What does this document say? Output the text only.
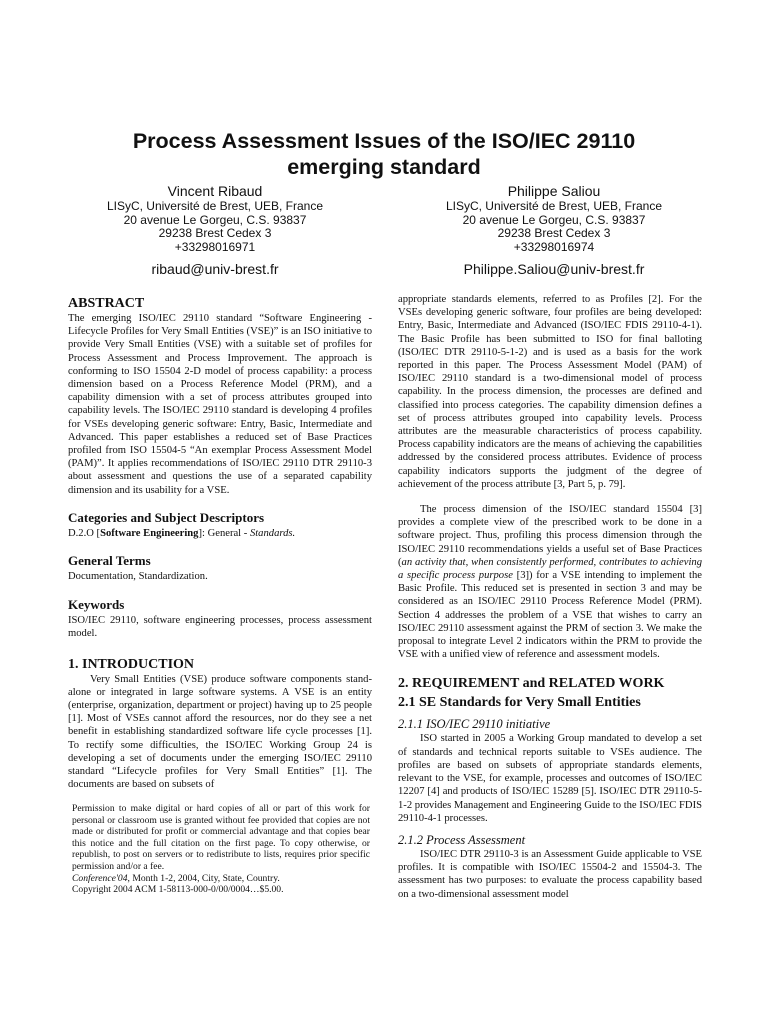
Process Assessment Issues of the ISO/IEC 29110
emerging standard
Vincent Ribaud
LISyC, Université de Brest, UEB, France
20 avenue Le Gorgeu, C.S. 93837
29238 Brest Cedex 3
+33298016971
ribaud@univ-brest.fr
Philippe Saliou
LISyC, Université de Brest, UEB, France
20 avenue Le Gorgeu, C.S. 93837
29238 Brest Cedex 3
+33298016974
Philippe.Saliou@univ-brest.fr
ABSTRACT

The emerging ISO/IEC 29110 standard “Software Engineering - Lifecycle Profiles for Very Small Entities (VSE)” is an ISO initiative to provide Very Small Entities (VSE) with a suitable set of profiles for Process Assessment and Process Improvement. The approach is conforming to ISO 15504 2-D model of process capability: a process dimension based on a Process Reference Model (PRM), and a capability dimension with a set of process attributes grouped into capability levels. The ISO/IEC 29110 standard is developing 4 profiles for VSEs developing generic software: Entry, Basic, Intermediate and Advanced. This paper establishes a reduced set of Base Practices profiled from ISO 15504-5 “An exemplar Process Assessment Model (PAM)”. It applies recommendations of ISO/IEC 29110 DTR 29110-3 about assessment and questions the use of a separated capability dimension and its usability for a VSE.

Categories and Subject Descriptors

D.2.O [Software Engineering]: General - Standards.

General Terms

Documentation, Standardization.

Keywords

ISO/IEC 29110, software engineering processes, process assessment model.

1. INTRODUCTION

Very Small Entities (VSE) produce software components stand-alone or integrated in large software systems. A VSE is an entity (enterprise, organization, department or project) having up to 25 people [1]. Most of VSEs cannot afford the resources, nor do they see a net benefit in establishing standardized software life cycle processes [1]. To rectify some difficulties, the ISO/IEC Working Group 24 is developing a set of documents under the emerging ISO/IEC 29110 standard “Lifecycle profiles for Very Small Entities” [1]. The documents are based on subsets of

Permission to make digital or hard copies of all or part of this work for personal or classroom use is granted without fee provided that copies are not made or distributed for profit or commercial advantage and that copies bear this notice and the full citation on the first page. To copy otherwise, or republish, to post on servers or to redistribute to lists, requires prior specific permission and/or a fee.

Conference'04, Month 1-2, 2004, City, State, Country.

Copyright 2004 ACM 1-58113-000-0/00/0004…$5.00.

appropriate standards elements, referred to as Profiles [2]. For the VSEs developing generic software, four profiles are being developed: Entry, Basic, Intermediate and Advanced (ISO/IEC FDIS 29110-4-1). The Basic Profile has been submitted to ISO for final balloting (ISO/IEC DTR 29110-5-1-2) and is used as a basis for the work reported in this paper. The Process Assessment Model (PAM) of ISO/IEC 29110 standard is a two-dimensional model of process capability. In the process dimension, the processes are defined and classified into process categories. The capability dimension defines a set of process attributes grouped into capability levels. Process attributes are the measurable characteristics of process capability. Process capability indicators are the means of achieving the capabilities addressed by the considered process attributes. Evidence of process capability indicators supports the judgment of the degree of achievement of the process attribute [3, Part 5, p. 79].

The process dimension of the ISO/IEC standard 15504 [3] provides a complete view of the prescribed work to be done in a software project. Thus, profiling this process dimension through the ISO/IEC 29110 recommendations yields a useful set of Base Practices (an activity that, when consistently performed, contributes to achieving a specific process purpose [3]) for a VSE intending to implement the Basic Profile. This reduced set is presented in section 3 and may be considered as an ISO/IEC 29110 Process Reference Model (PRM). Section 4 addresses the problem of a VSE that wishes to carry an ISO/IEC 29110 assessment against the PRM of section 3. We make the proposal to integrate Level 2 indicators within the PRM to provide the VSE with a unified view of reference and assessment models.

2. REQUIREMENT and RELATED WORK
2.1 SE Standards for Very Small Entities
2.1.1 ISO/IEC 29110 initiative

ISO started in 2005 a Working Group mandated to develop a set of standards and technical reports suitable to VSEs audience. The profiles are based on subsets of appropriate standards elements, relevant to the VSE, for example, processes and outcomes of ISO/IEC 12207 [4] and products of ISO/IEC 15289 [5]. ISO/IEC DTR 29110-5-1-2 provides Management and Engineering Guide to the ISO/IEC FDIS 29110-4-1 processes.

2.1.2 Process Assessment

ISO/IEC DTR 29110-3 is an Assessment Guide applicable to VSE profiles. It is compatible with ISO/IEC 15504-2 and 15504-3. The assessment has two purposes: to evaluate the process capability based on a two-dimensional assessment model
